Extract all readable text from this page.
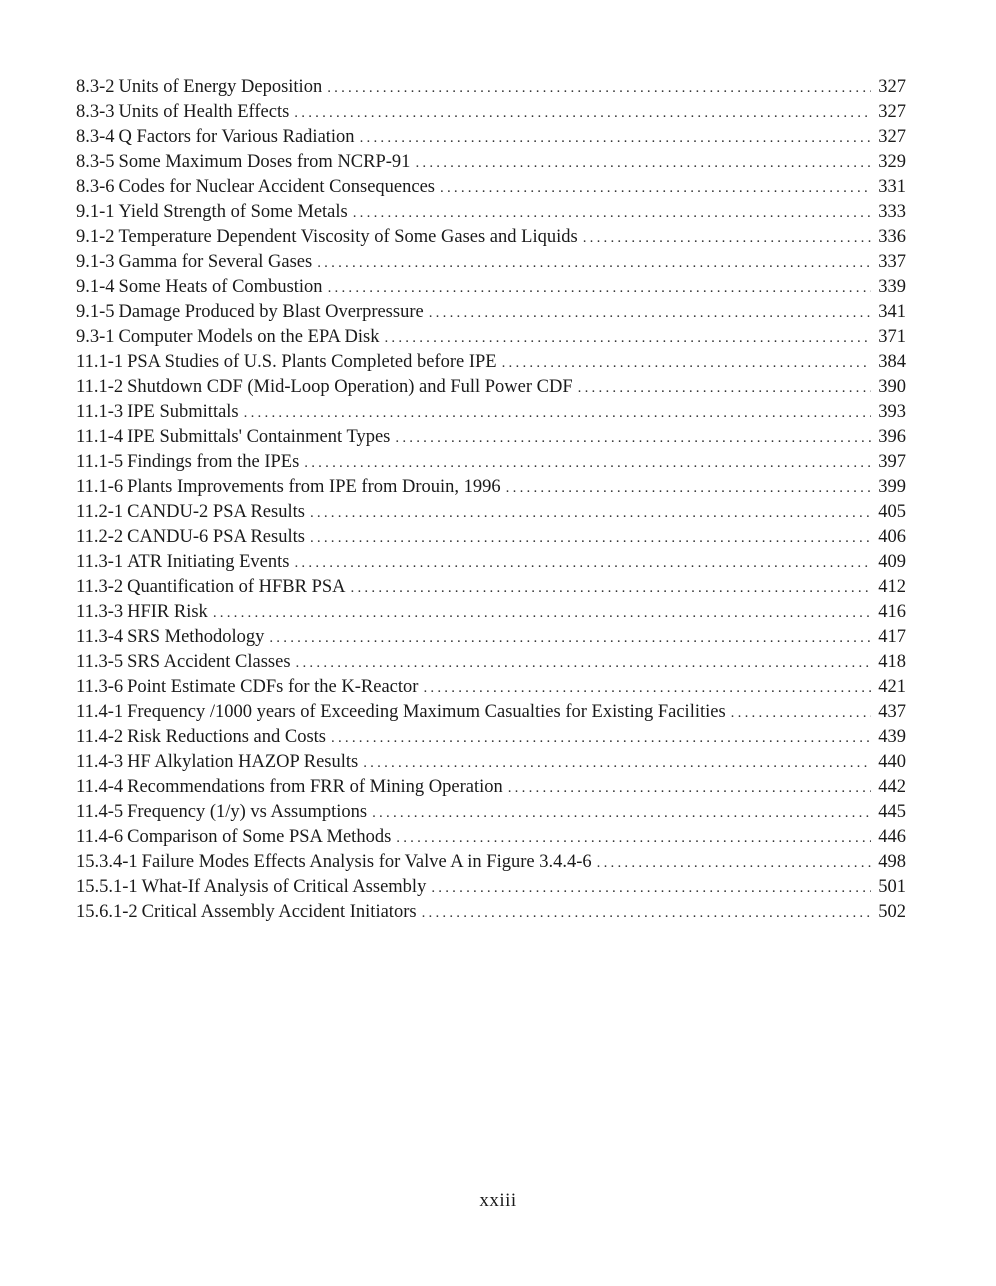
8.3-2 Units of Energy Deposition .....	327
8.3-3 Units of Health Effects .....	327
8.3-4 Q Factors for Various Radiation .....	327
8.3-5 Some Maximum Doses from NCRP-91 .....	329
8.3-6 Codes for Nuclear Accident Consequences .....	331
9.1-1 Yield Strength of Some Metals .....	333
9.1-2 Temperature Dependent Viscosity of Some Gases and Liquids .....	336
9.1-3 Gamma for Several Gases .....	337
9.1-4 Some Heats of Combustion .....	339
9.1-5 Damage Produced by Blast Overpressure .....	341
9.3-1 Computer Models on the EPA Disk .....	371
11.1-1 PSA Studies of U.S. Plants Completed before IPE .....	384
11.1-2 Shutdown CDF (Mid-Loop Operation) and Full Power CDF .....	390
11.1-3 IPE Submittals .....	393
11.1-4 IPE Submittals' Containment Types .....	396
11.1-5 Findings from the IPEs .....	397
11.1-6 Plants Improvements from IPE from Drouin, 1996 .....	399
11.2-1 CANDU-2 PSA Results .....	405
11.2-2 CANDU-6 PSA Results .....	406
11.3-1 ATR Initiating Events .....	409
11.3-2 Quantification of HFBR PSA .....	412
11.3-3 HFIR Risk .....	416
11.3-4 SRS Methodology .....	417
11.3-5 SRS Accident Classes .....	418
11.3-6 Point Estimate CDFs for the K-Reactor .....	421
11.4-1 Frequency /1000 years of Exceeding Maximum Casualties for Existing Facilities .....	437
11.4-2 Risk Reductions and Costs .....	439
11.4-3 HF Alkylation HAZOP Results .....	440
11.4-4 Recommendations from FRR of Mining Operation .....	442
11.4-5 Frequency (1/y) vs Assumptions .....	445
11.4-6 Comparison of Some PSA Methods .....	446
15.3.4-1 Failure Modes Effects Analysis for Valve A in Figure 3.4.4-6 .....	498
15.5.1-1 What-If Analysis of Critical Assembly .....	501
15.6.1-2 Critical Assembly Accident Initiators .....	502
xxiii
